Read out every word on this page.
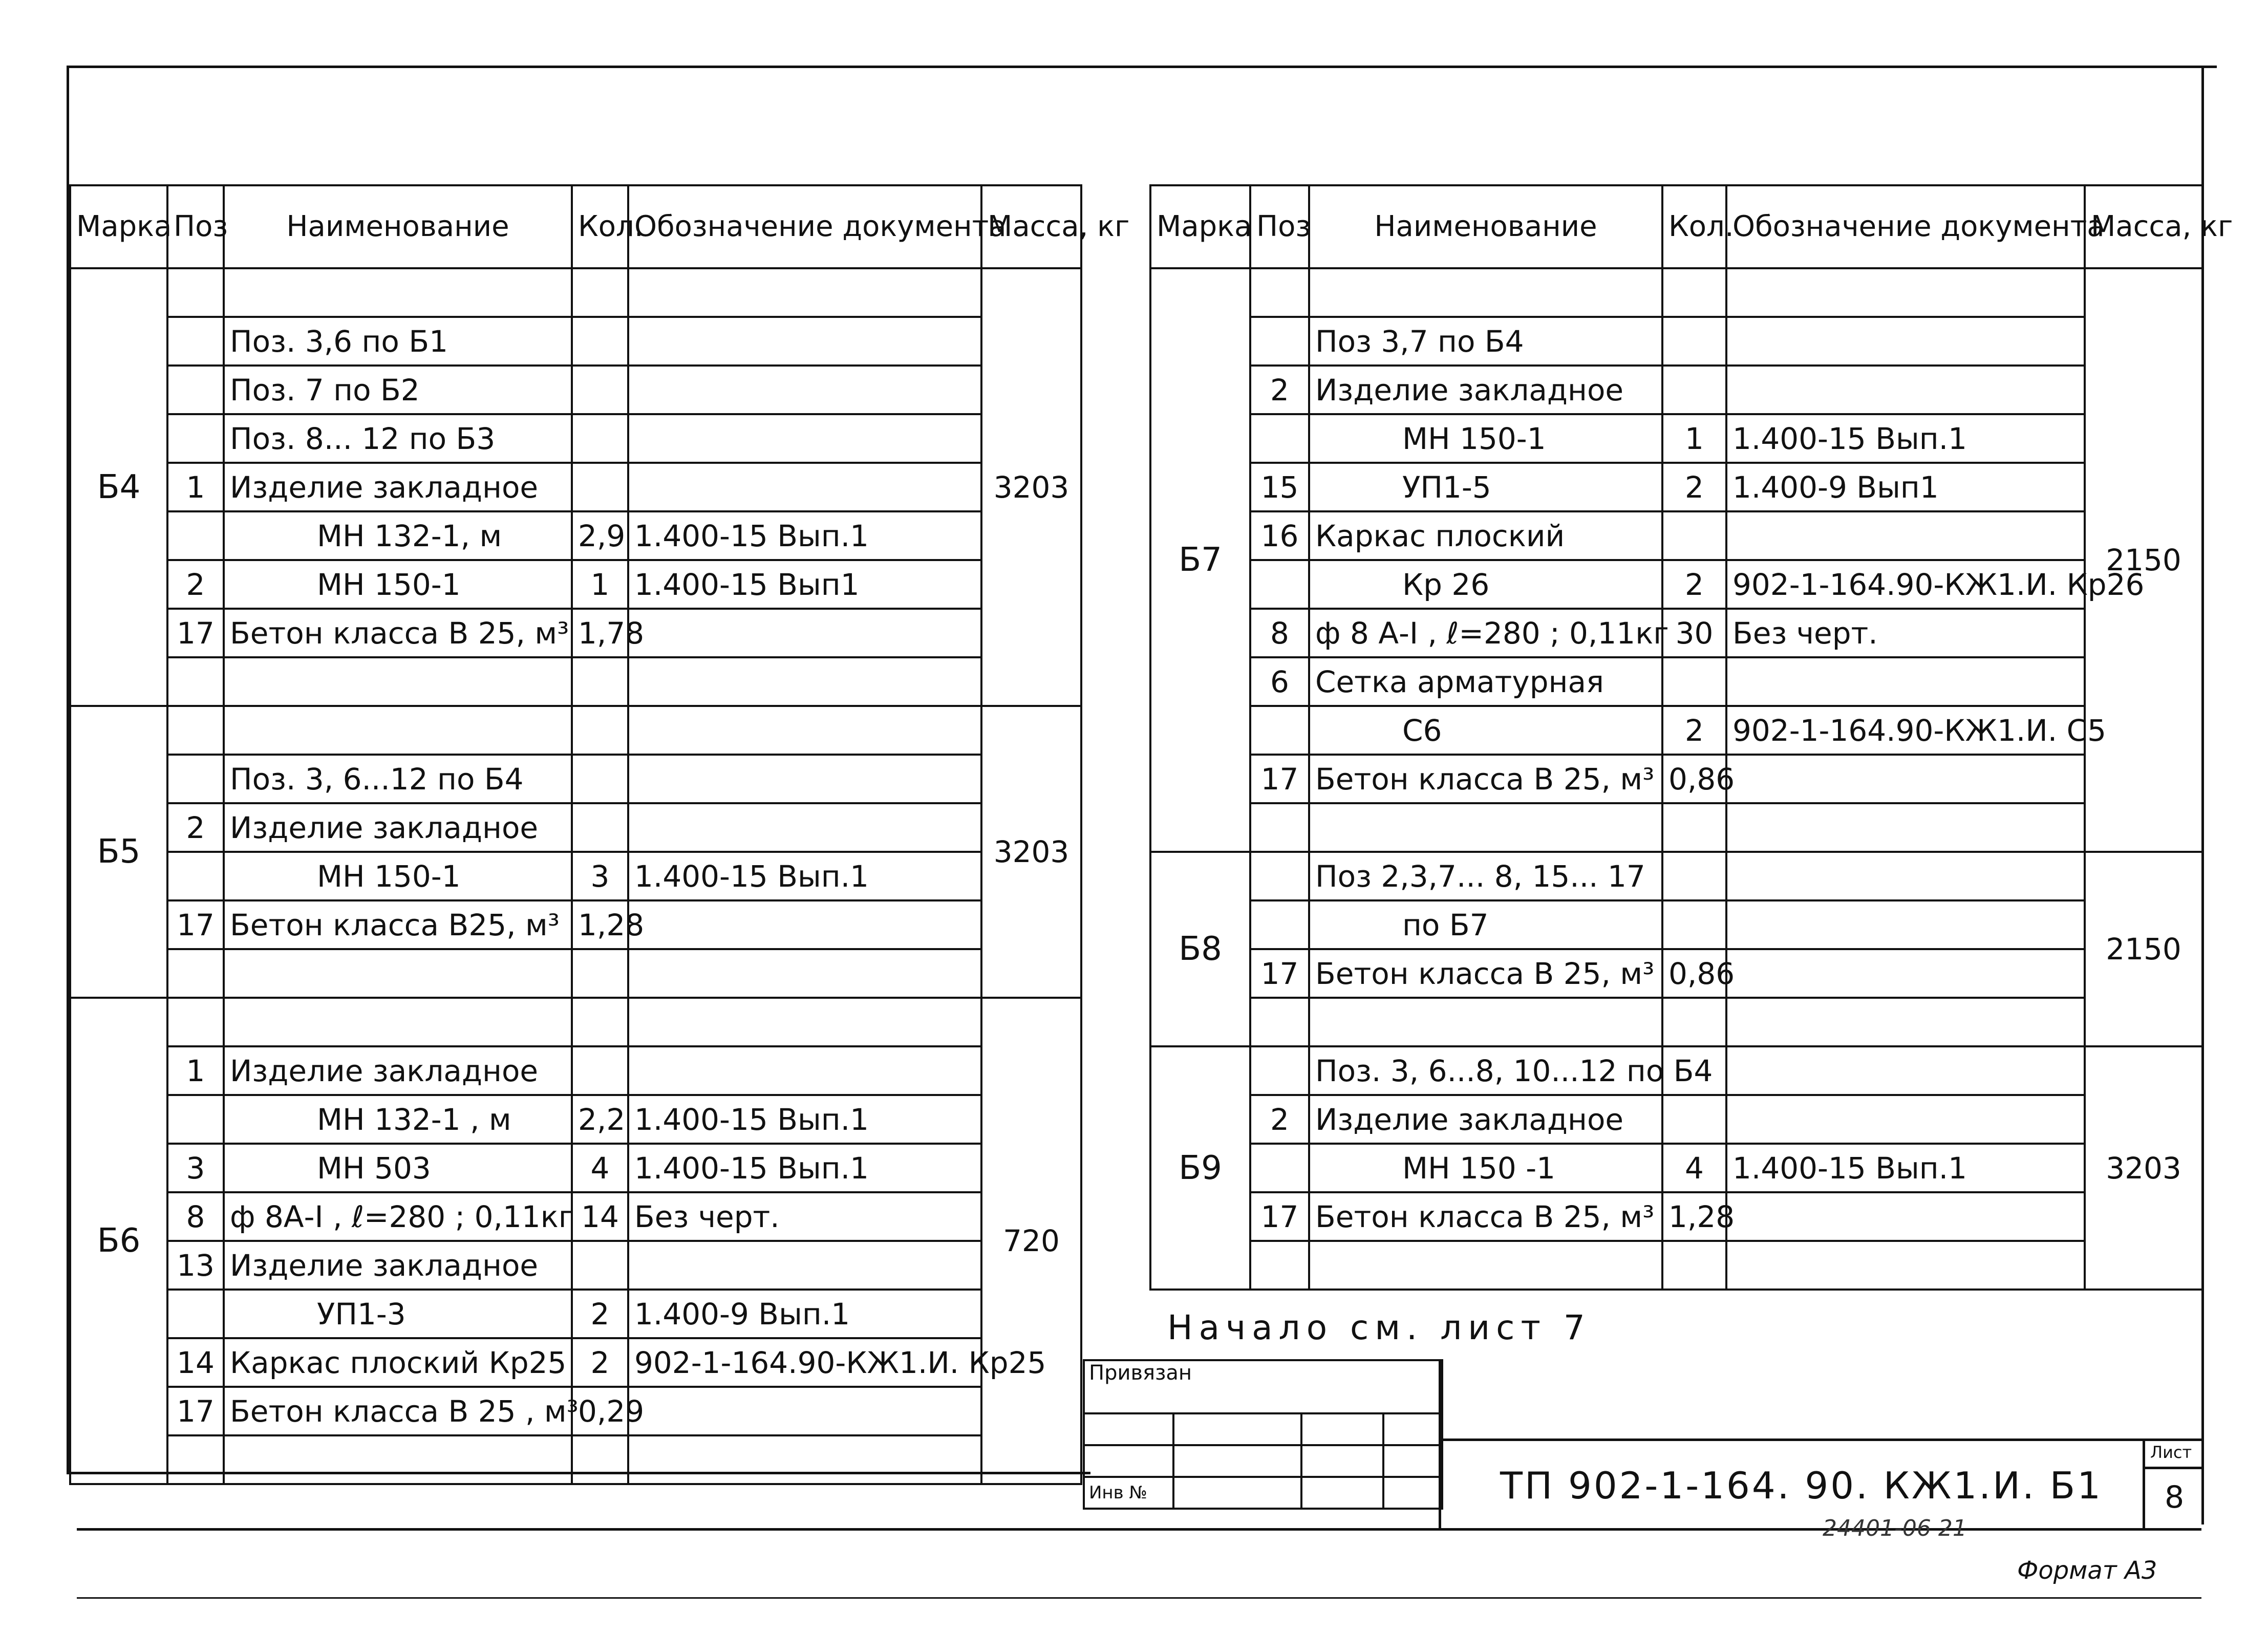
Марка	Поз	Наименование	Кол.	Обозначение документа	Масса, кг
Б4					3203
		Поз. 3,6 по Б1			
		Поз. 7 по Б2			
		Поз. 8... 12 по Б3			
	1	Изделие закладное			
		МН 132-1, м	2,9	1.400-15 Вып.1	
	2	МН 150-1	1	1.400-15 Вып1	
	17	Бетон класса В 25, м³	1,78		

Б5					3203
		Поз. 3, 6...12 по Б4			
	2	Изделие закладное			
		МН 150-1	3	1.400-15 Вып.1	
	17	Бетон класса В25, м³	1,28		

Б6					720
	1	Изделие закладное			
		МН 132-1 , м	2,2	1.400-15 Вып.1	
	3	МН 503	4	1.400-15 Вып.1	
	8	ф 8А-I , ℓ=280 ; 0,11кг	14	Без черт.	
	13	Изделие закладное			
		УП1-3	2	1.400-9 Вып.1	
	14	Каркас плоский Кр25	2	902-1-164.90-КЖ1.И. Кр25	
	17	Бетон класса В 25 , м³	0,29		

Марка	Поз	Наименование	Кол.	Обозначение документа	Масса, кг
Б7					2150
		Поз 3,7 по Б4			
	2	Изделие закладное			
		МН 150-1	1	1.400-15 Вып.1	
	15	УП1-5	2	1.400-9 Вып1	
	16	Каркас плоский			
		Кр 26	2	902-1-164.90-КЖ1.И. Кр26	
	8	ф 8 А-I , ℓ=280 ; 0,11кг	30	Без черт.	
	6	Сетка арматурная			
		С6	2	902-1-164.90-КЖ1.И. С5	
	17	Бетон класса В 25, м³	0,86		

Б8		Поз 2,3,7... 8, 15... 17			2150
		по Б7			
	17	Бетон класса В 25, м³	0,86		

Б9		Поз. 3, 6...8, 10...12 по Б4			3203
	2	Изделие закладное			
		МН 150 -1	4	1.400-15 Вып.1	
	17	Бетон класса В 25, м³	1,28		

Начало см. лист 7
Привязан			

Инв №				ТП 902-1-164. 90. КЖ1.И. Б1
Лист
8
24401-06 21
Формат А3
